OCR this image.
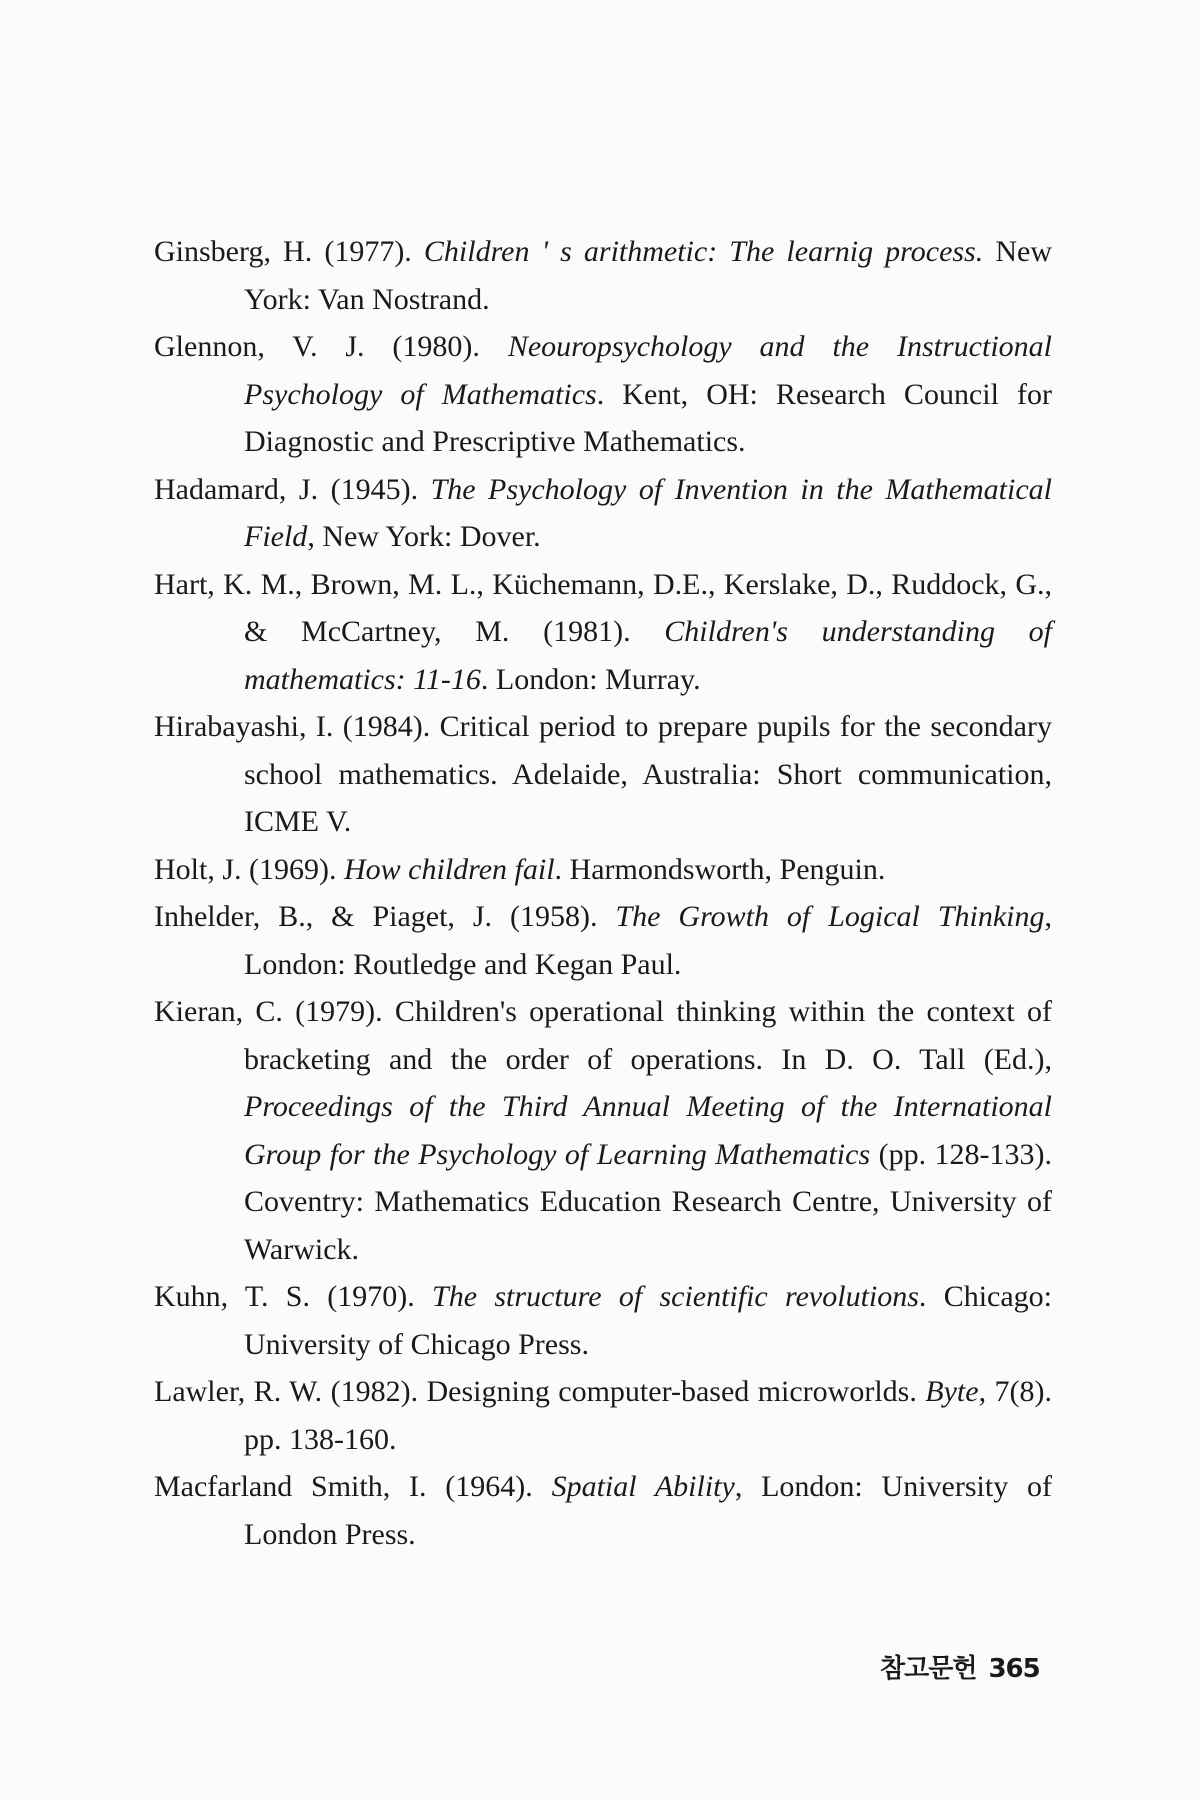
Ginsberg, H. (1977). Children ' s arithmetic: The learnig process. New York: Van Nostrand.

Glennon, V. J. (1980). Neouropsychology and the Instructional Psychology of Mathematics. Kent, OH: Research Council for Diagnostic and Prescriptive Mathematics.

Hadamard, J. (1945). The Psychology of Invention in the Mathematical Field, New York: Dover.

Hart, K. M., Brown, M. L., Küchemann, D.E., Kerslake, D., Ruddock, G., & McCartney, M. (1981). Children's understanding of mathematics: 11-16. London: Murray.

Hirabayashi, I. (1984). Critical period to prepare pupils for the secondary school mathematics. Adelaide, Australia: Short communication, ICME V.

Holt, J. (1969). How children fail. Harmondsworth, Penguin.

Inhelder, B., & Piaget, J. (1958). The Growth of Logical Thinking, London: Routledge and Kegan Paul.

Kieran, C. (1979). Children's operational thinking within the context of bracketing and the order of operations. In D. O. Tall (Ed.), Proceedings of the Third Annual Meeting of the International Group for the Psychology of Learning Mathematics (pp. 128-133). Coventry: Mathematics Education Research Centre, University of Warwick.

Kuhn, T. S. (1970). The structure of scientific revolutions. Chicago: University of Chicago Press.

Lawler, R. W. (1982). Designing computer-based microworlds. Byte, 7(8). pp. 138-160.

Macfarland Smith, I. (1964). Spatial Ability, London: University of London Press.

참고문헌 365
